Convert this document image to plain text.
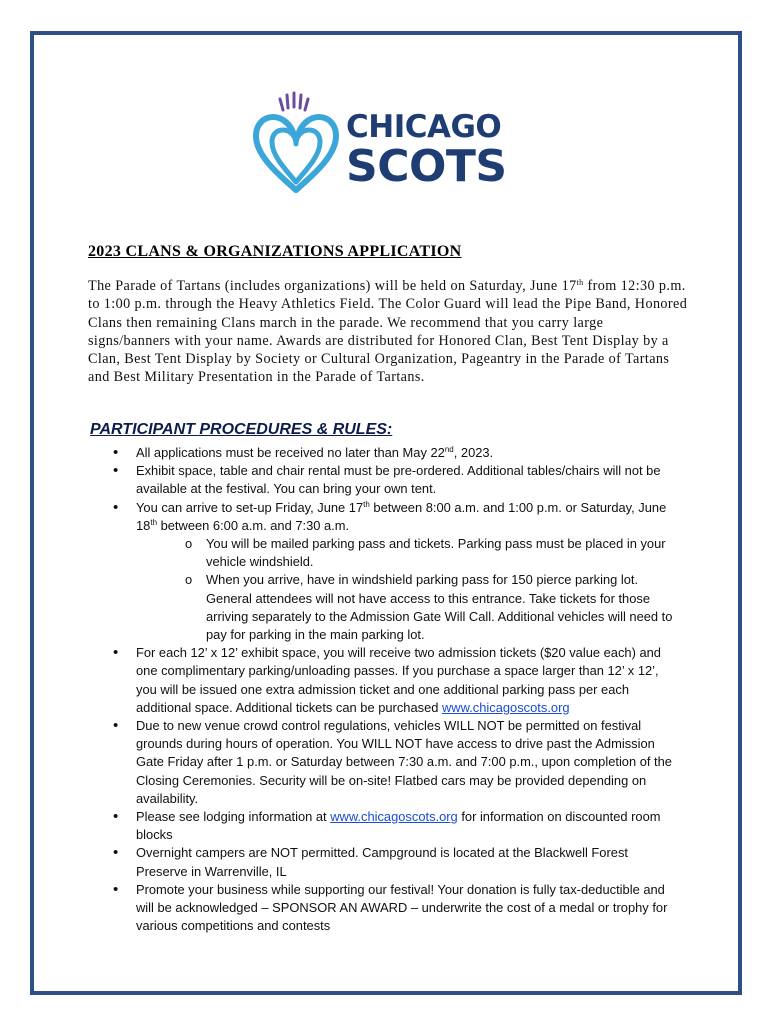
CHICAGO
SCOTS
2023 CLANS & ORGANIZATIONS APPLICATION

The Parade of Tartans (includes organizations) will be held on Saturday, June 17th from 12:30 p.m. to 1:00 p.m. through the Heavy Athletics Field. The Color Guard will lead the Pipe Band, Honored Clans then remaining Clans march in the parade. We recommend that you carry large signs/banners with your name. Awards are distributed for Honored Clan, Best Tent Display by a Clan, Best Tent Display by Society or Cultural Organization, Pageantry in the Parade of Tartans and Best Military Presentation in the Parade of Tartans.

PARTICIPANT PROCEDURES & RULES:
• All applications must be received no later than May 22nd, 2023.
• Exhibit space, table and chair rental must be pre-ordered. Additional tables/chairs will not be available at the festival. You can bring your own tent.
• You can arrive to set-up Friday, June 17th between 8:00 a.m. and 1:00 p.m. or Saturday, June 18th between 6:00 a.m. and 7:30 a.m.
o You will be mailed parking pass and tickets. Parking pass must be placed in your vehicle windshield.
o When you arrive, have in windshield parking pass for 150 pierce parking lot. General attendees will not have access to this entrance. Take tickets for those arriving separately to the Admission Gate Will Call. Additional vehicles will need to pay for parking in the main parking lot.
• For each 12’ x 12’ exhibit space, you will receive two admission tickets ($20 value each) and one complimentary parking/unloading passes. If you purchase a space larger than 12’ x 12’, you will be issued one extra admission ticket and one additional parking pass per each additional space. Additional tickets can be purchased www.chicagoscots.org
• Due to new venue crowd control regulations, vehicles WILL NOT be permitted on festival grounds during hours of operation. You WILL NOT have access to drive past the Admission Gate Friday after 1 p.m. or Saturday between 7:30 a.m. and 7:00 p.m., upon completion of the Closing Ceremonies. Security will be on-site! Flatbed cars may be provided depending on availability.
• Please see lodging information at www.chicagoscots.org for information on discounted room blocks
• Overnight campers are NOT permitted. Campground is located at the Blackwell Forest Preserve in Warrenville, IL
• Promote your business while supporting our festival! Your donation is fully tax-deductible and will be acknowledged – SPONSOR AN AWARD – underwrite the cost of a medal or trophy for various competitions and contests
